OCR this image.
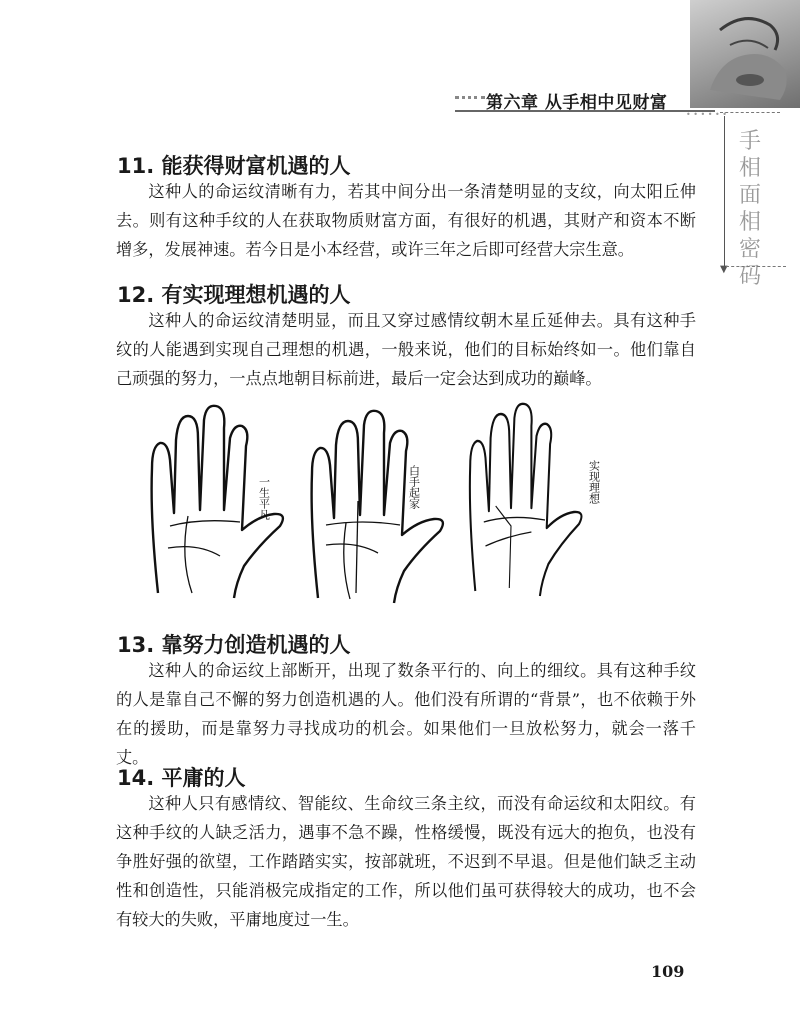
• • • • • •
第六章 从手相中见财富
手相面相密码
▼
11. 能获得财富机遇的人

这种人的命运纹清晰有力，若其中间分出一条清楚明显的支纹，向太阳丘伸去。则有这种手纹的人在获取物质财富方面，有很好的机遇，其财产和资本不断增多，发展神速。若今日是小本经营，或许三年之后即可经营大宗生意。

12. 有实现理想机遇的人

这种人的命运纹清楚明显，而且又穿过感情纹朝木星丘延伸去。具有这种手纹的人能遇到实现自己理想的机遇，一般来说，他们的目标始终如一。他们靠自己顽强的努力，一点点地朝目标前进，最后一定会达到成功的巅峰。

一生平凡	白手起家	实现理想
13. 靠努力创造机遇的人

这种人的命运纹上部断开，出现了数条平行的、向上的细纹。具有这种手纹的人是靠自己不懈的努力创造机遇的人。他们没有所谓的“背景”，也不依赖于外在的援助，而是靠努力寻找成功的机会。如果他们一旦放松努力，就会一落千丈。

14. 平庸的人

这种人只有感情纹、智能纹、生命纹三条主纹，而没有命运纹和太阳纹。有这种手纹的人缺乏活力，遇事不急不躁，性格缓慢，既没有远大的抱负，也没有争胜好强的欲望，工作踏踏实实，按部就班，不迟到不早退。但是他们缺乏主动性和创造性，只能消极完成指定的工作，所以他们虽可获得较大的成功，也不会有较大的失败，平庸地度过一生。

109
